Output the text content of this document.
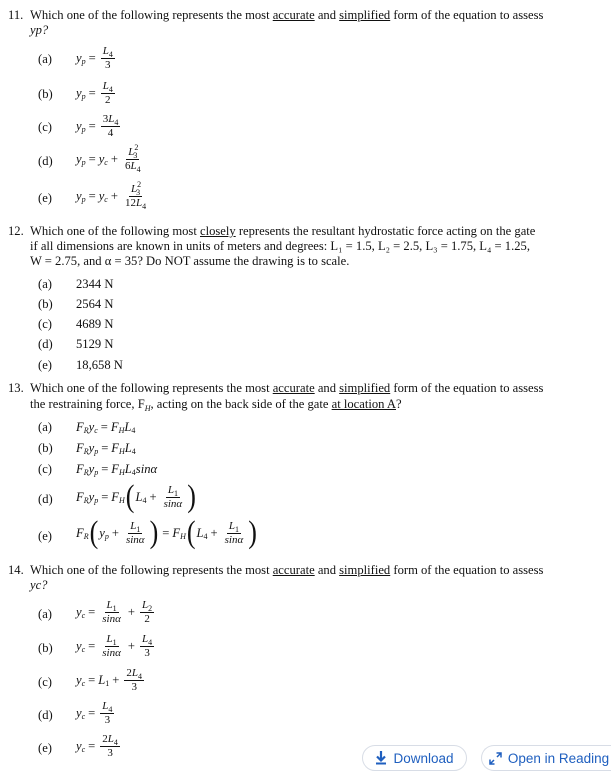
11. Which one of the following represents the most accurate and simplified form of the equation to assess
yp?
(a)	y $p = \frac{L_4}{3}$
(b)	y $p = \frac{L_4}{2}$
(c)	y $p = \frac{3L_4}{4}$
(d)	y p = y $c + \frac{L^2_3}{6L_4}$
(e)	y p = y $c + \frac{L^2_3}{12L_4}$
12. Which one of the following most closely represents the resultant hydrostatic force acting on the gate
if all dimensions are known in units of meters and degrees: L₁ = 1.5, L₂ = 2.5, L₃ = 1.75, L₄ = 1.25,
W = 2.75, and α = 35? Do NOT assume the drawing is to scale.
(a) 2344 N
(b) 2564 N
(c) 4689 N
(d) 5129 N
(e) 18,658 N
13. Which one of the following represents the most accurate and simplified form of the equation to assess
the restraining force, $F_H$, acting on the back side of the gate at location A?
(a)	F R y c = F H L 4
(b)	F R y p = F H L 4
(c)	F R y p = F H L 4 sin α
(d)	F R y p = F H ( L $4 + \frac{L_1}{\sin\alpha}$ )
(e)	F R ( y $p + \frac{L_1}{\sin\alpha}$ ) = F H ( L $4 + \frac{L_1}{\sin\alpha}$ )
14. Which one of the following represents the most accurate and simplified form of the equation to assess
yc?
(a)	y $c = \frac{L_1}{\sin\alpha} + \frac{L_2}{2}$
(b)	y $c = \frac{L_1}{\sin\alpha} + \frac{L_4}{3}$
(c)	y c = L $1 + \frac{2L_4}{3}$
(d)	y $c = \frac{L_4}{3}$
(e)	y $c = \frac{2L_4}{3}$	Download	Open in Reading
